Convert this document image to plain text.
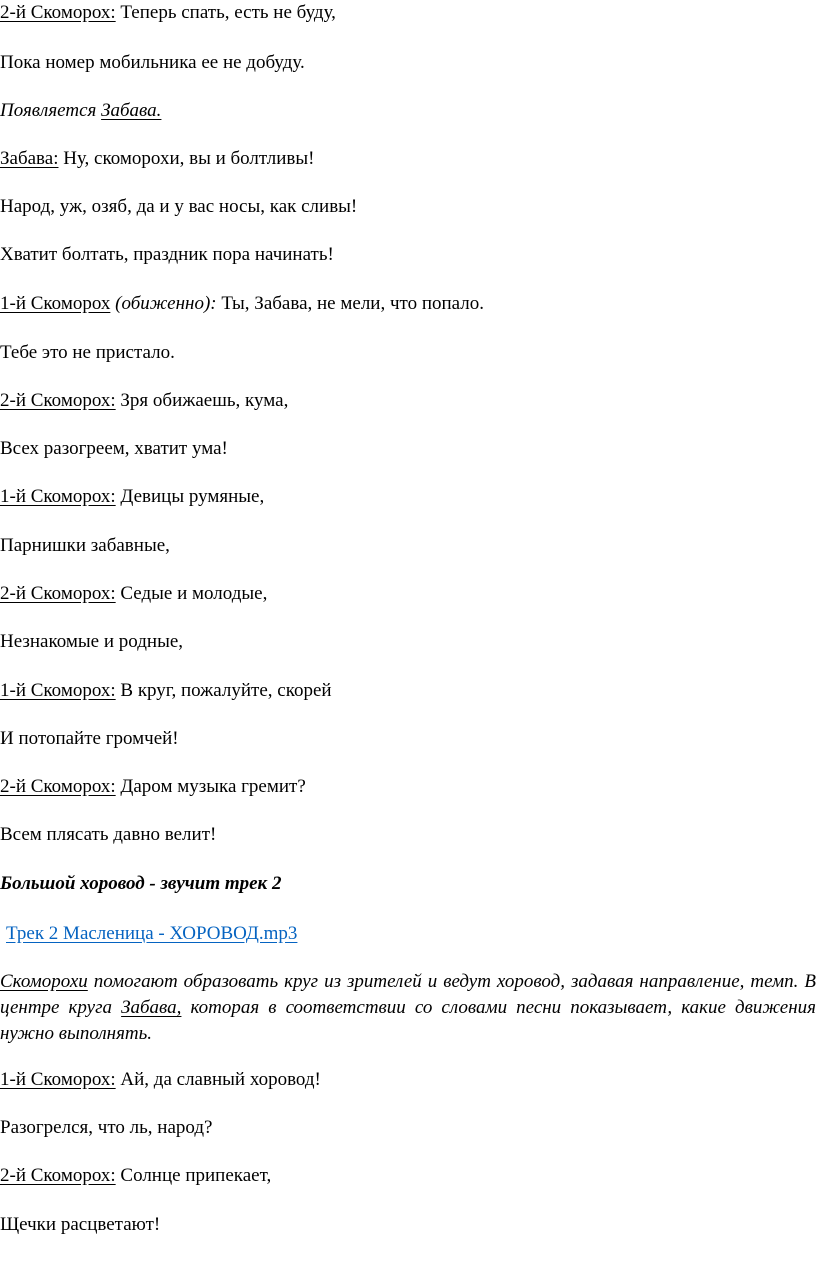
2-й Скоморох: Теперь спать, есть не буду,
Пока номер мобильника ее не добуду.
Появляется Забава.
Забава: Ну, скоморохи, вы и болтливы!
Народ, уж, озяб, да и у вас носы, как сливы!
Хватит болтать, праздник пора начинать!
1-й Скоморох (обиженно): Ты, Забава, не мели, что попало.
Тебе это не пристало.
2-й Скоморох: Зря обижаешь, кума,
Всех разогреем, хватит ума!
1-й Скоморох: Девицы румяные,
Парнишки забавные,
2-й Скоморох: Седые и молодые,
Незнакомые и родные,
1-й Скоморох: В круг, пожалуйте, скорей
И потопайте громчей!
2-й Скоморох: Даром музыка гремит?
Всем плясать давно велит!
Большой хоровод - звучит трек 2
Трек 2 Масленица - ХОРОВОД.mp3

Скоморохи помогают образовать круг из зрителей и ведут хоровод, задавая направление, темп. В центре круга Забава, которая в соответствии со словами песни показывает, какие движения нужно выполнять.

1-й Скоморох: Ай, да славный хоровод!
Разогрелся, что ль, народ?
2-й Скоморох: Солнце припекает,
Щечки расцветают!
